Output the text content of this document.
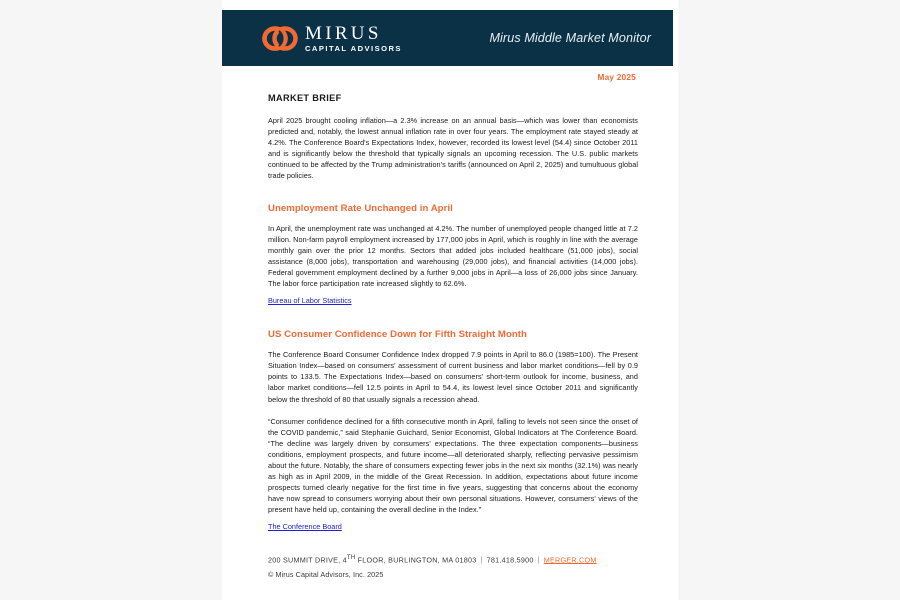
MIRUS
CAPITAL ADVISORS
Mirus Middle Market Monitor
May 2025
MARKET BRIEF

April 2025 brought cooling inflation—a 2.3% increase on an annual basis—which was lower than economists predicted and, notably, the lowest annual inflation rate in over four years. The employment rate stayed steady at 4.2%. The Conference Board's Expectations Index, however, recorded its lowest level (54.4) since October 2011 and is significantly below the threshold that typically signals an upcoming recession. The U.S. public markets continued to be affected by the Trump administration's tariffs (announced on April 2, 2025) and tumultuous global trade policies.

Unemployment Rate Unchanged in April

In April, the unemployment rate was unchanged at 4.2%. The number of unemployed people changed little at 7.2 million. Non-farm payroll employment increased by 177,000 jobs in April, which is roughly in line with the average monthly gain over the prior 12 months. Sectors that added jobs included healthcare (51,000 jobs), social assistance (8,000 jobs), transportation and warehousing (29,000 jobs), and financial activities (14,000 jobs). Federal government employment declined by a further 9,000 jobs in April—a loss of 26,000 jobs since January. The labor force participation rate increased slightly to 62.6%.

Bureau of Labor Statistics
US Consumer Confidence Down for Fifth Straight Month

The Conference Board Consumer Confidence Index dropped 7.9 points in April to 86.0 (1985=100). The Present Situation Index—based on consumers' assessment of current business and labor market conditions—fell by 0.9 points to 133.5. The Expectations Index—based on consumers' short-term outlook for income, business, and labor market conditions—fell 12.5 points in April to 54.4, its lowest level since October 2011 and significantly below the threshold of 80 that usually signals a recession ahead.

“Consumer confidence declined for a fifth consecutive month in April, falling to levels not seen since the onset of the COVID pandemic,” said Stephanie Guichard, Senior Economist, Global Indicators at The Conference Board. “The decline was largely driven by consumers' expectations. The three expectation components—business conditions, employment prospects, and future income—all deteriorated sharply, reflecting pervasive pessimism about the future. Notably, the share of consumers expecting fewer jobs in the next six months (32.1%) was nearly as high as in April 2009, in the middle of the Great Recession. In addition, expectations about future income prospects turned clearly negative for the first time in five years, suggesting that concerns about the economy have now spread to consumers worrying about their own personal situations. However, consumers' views of the present have held up, containing the overall decline in the Index.”

The Conference Board
200 SUMMIT DRIVE, 4TH FLOOR, BURLINGTON, MA 01803 | 781.418.5900 | MERGER.COM
© Mirus Capital Advisors, Inc. 2025
